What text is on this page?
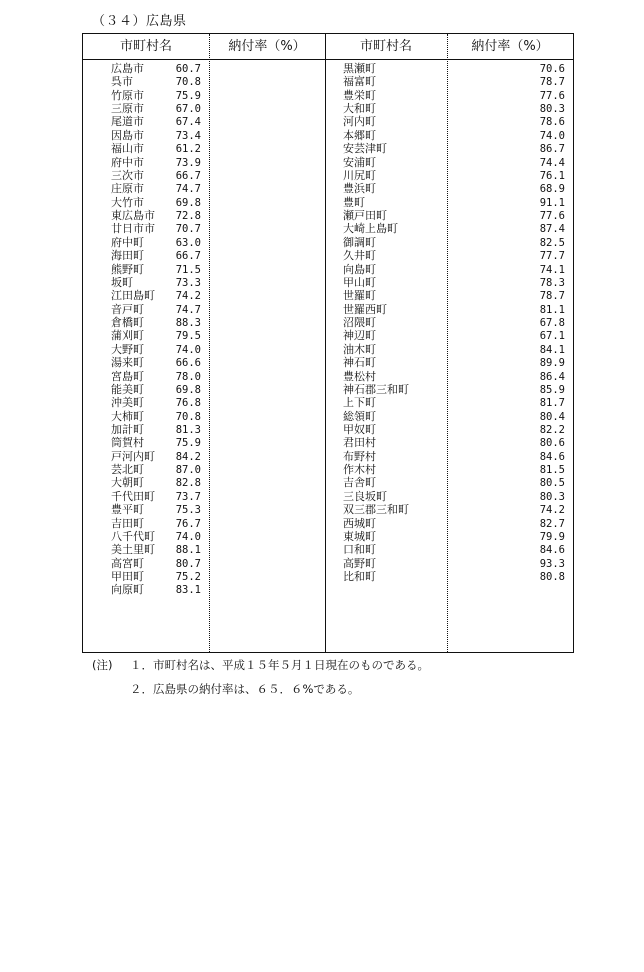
（３４）広島県
市町村名	納付率（%）	市町村名	納付率（%）
広島市	60.7
呉市	70.8
竹原市	75.9
三原市	67.0
尾道市	67.4
因島市	73.4
福山市	61.2
府中市	73.9
三次市	66.7
庄原市	74.7
大竹市	69.8
東広島市	72.8
廿日市市	70.7
府中町	63.0
海田町	66.7
熊野町	71.5
坂町	73.3
江田島町	74.2
音戸町	74.7
倉橋町	88.3
蒲刈町	79.5
大野町	74.0
湯来町	66.6
宮島町	78.0
能美町	69.8
沖美町	76.8
大柿町	70.8
加計町	81.3
筒賀村	75.9
戸河内町	84.2
芸北町	87.0
大朝町	82.8
千代田町	73.7
豊平町	75.3
吉田町	76.7
八千代町	74.0
美土里町	88.1
高宮町	80.7
甲田町	75.2
向原町	83.1
黒瀬町	70.6
福富町	78.7
豊栄町	77.6
大和町	80.3
河内町	78.6
本郷町	74.0
安芸津町	86.7
安浦町	74.4
川尻町	76.1
豊浜町	68.9
豊町	91.1
瀬戸田町	77.6
大崎上島町	87.4
御調町	82.5
久井町	77.7
向島町	74.1
甲山町	78.3
世羅町	78.7
世羅西町	81.1
沼隈町	67.8
神辺町	67.1
油木町	84.1
神石町	89.9
豊松村	86.4
神石郡三和町	85.9
上下町	81.7
総領町	80.4
甲奴町	82.2
君田村	80.6
布野村	84.6
作木村	81.5
吉舎町	80.5
三良坂町	80.3
双三郡三和町	74.2
西城町	82.7
東城町	79.9
口和町	84.6
高野町	93.3
比和町	80.8
(注) １．市町村名は、平成１５年５月１日現在のものである。
２．広島県の納付率は、６５．６%である。
